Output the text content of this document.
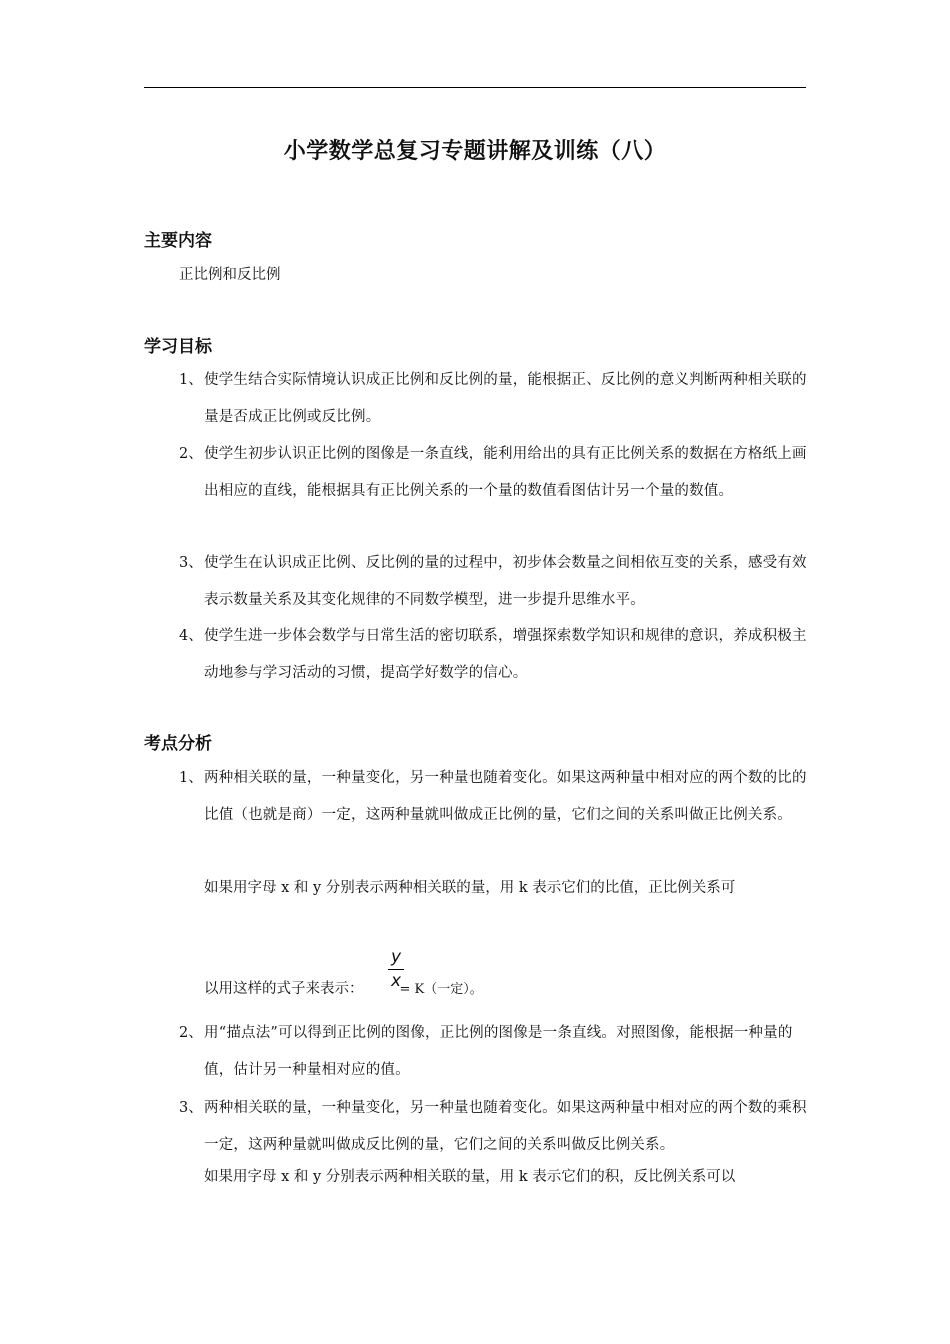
小学数学总复习专题讲解及训练（八）
主要内容
正比例和反比例
学习目标
1、 使学生结合实际情境认识成正比例和反比例的量，能根据正、反比例的意义判断两种相关联的量是否成正比例或反比例。
2、 使学生初步认识正比例的图像是一条直线，能利用给出的具有正比例关系的数据在方格纸上画出相应的直线，能根据具有正比例关系的一个量的数值看图估计另一个量的数值。
3、 使学生在认识成正比例、反比例的量的过程中，初步体会数量之间相依互变的关系，感受有效表示数量关系及其变化规律的不同数学模型，进一步提升思维水平。
4、 使学生进一步体会数学与日常生活的密切联系，增强探索数学知识和规律的意识，养成积极主动地参与学习活动的习惯，提高学好数学的信心。
考点分析
1、 两种相关联的量，一种量变化，另一种量也随着变化。如果这两种量中相对应的两个数的比的比值（也就是商）一定，这两种量就叫做成正比例的量，它们之间的关系叫做正比例关系。
如果用字母 x 和 y 分别表示两种相关联的量，用 k 表示它们的比值，正比例关系可
y
x
以用这样的式子来表示：	= K（一定）。
2、 用“描点法”可以得到正比例的图像，正比例的图像是一条直线。对照图像，能根据一种量的值，估计另一种量相对应的值。
3、 两种相关联的量，一种量变化，另一种量也随着变化。如果这两种量中相对应的两个数的乘积一定，这两种量就叫做成反比例的量，它们之间的关系叫做反比例关系。
如果用字母 x 和 y 分别表示两种相关联的量，用 k 表示它们的积，反比例关系可以
